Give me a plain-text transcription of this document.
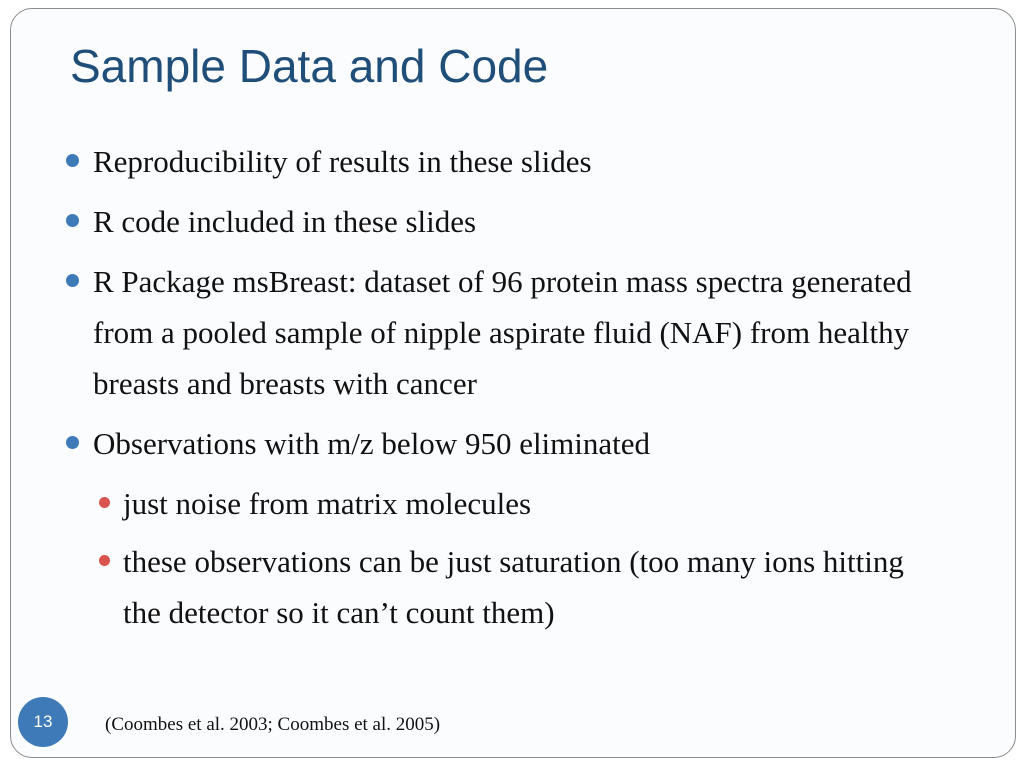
Sample Data and Code
Reproducibility of results in these slides
R code included in these slides
R Package msBreast: dataset of 96 protein mass spectra generated from a pooled sample of nipple aspirate fluid (NAF) from healthy breasts and breasts with cancer
Observations with m/z below 950 eliminated
just noise from matrix molecules
these observations can be just saturation (too many ions hitting the detector so it can’t count them)
13	(Coombes et al. 2003; Coombes et al. 2005)
